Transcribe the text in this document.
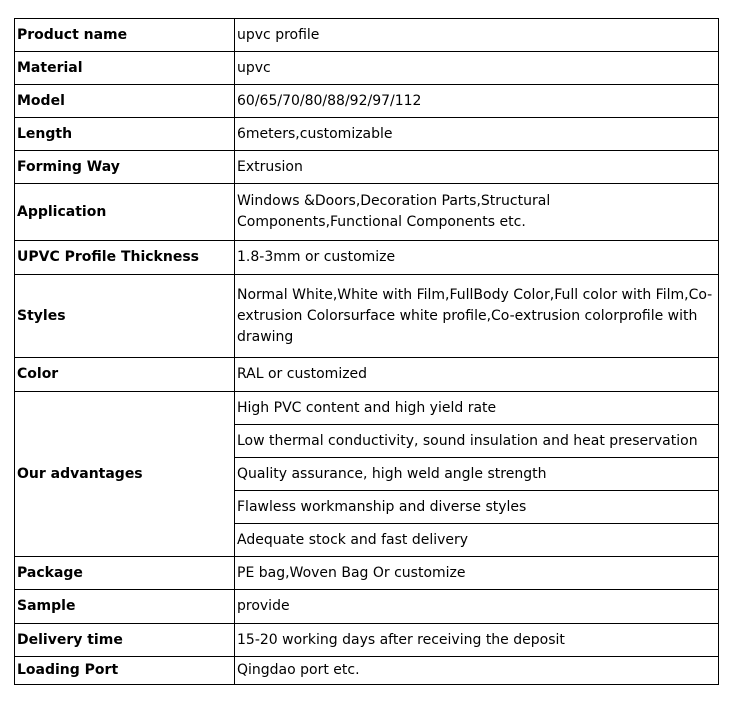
Product name	upvc profile
Material	upvc
Model	60/65/70/80/88/92/97/112
Length	6meters,customizable
Forming Way	Extrusion
Application	Windows &Doors,Decoration Parts,Structural Components,Functional Components etc.
UPVC Profile Thickness	1.8-3mm or customize
Styles	Normal White,White with Film,FullBody Color,Full color with Film,Co-extrusion Colorsurface white profile,Co-extrusion colorprofile with drawing
Color	RAL or customized
Our advantages	High PVC content and high yield rate
	Low thermal conductivity, sound insulation and heat preservation
	Quality assurance, high weld angle strength
	Flawless workmanship and diverse styles
	Adequate stock and fast delivery
Package	PE bag,Woven Bag Or customize
Sample	provide
Delivery time	15-20 working days after receiving the deposit
Loading Port	Qingdao port etc.
